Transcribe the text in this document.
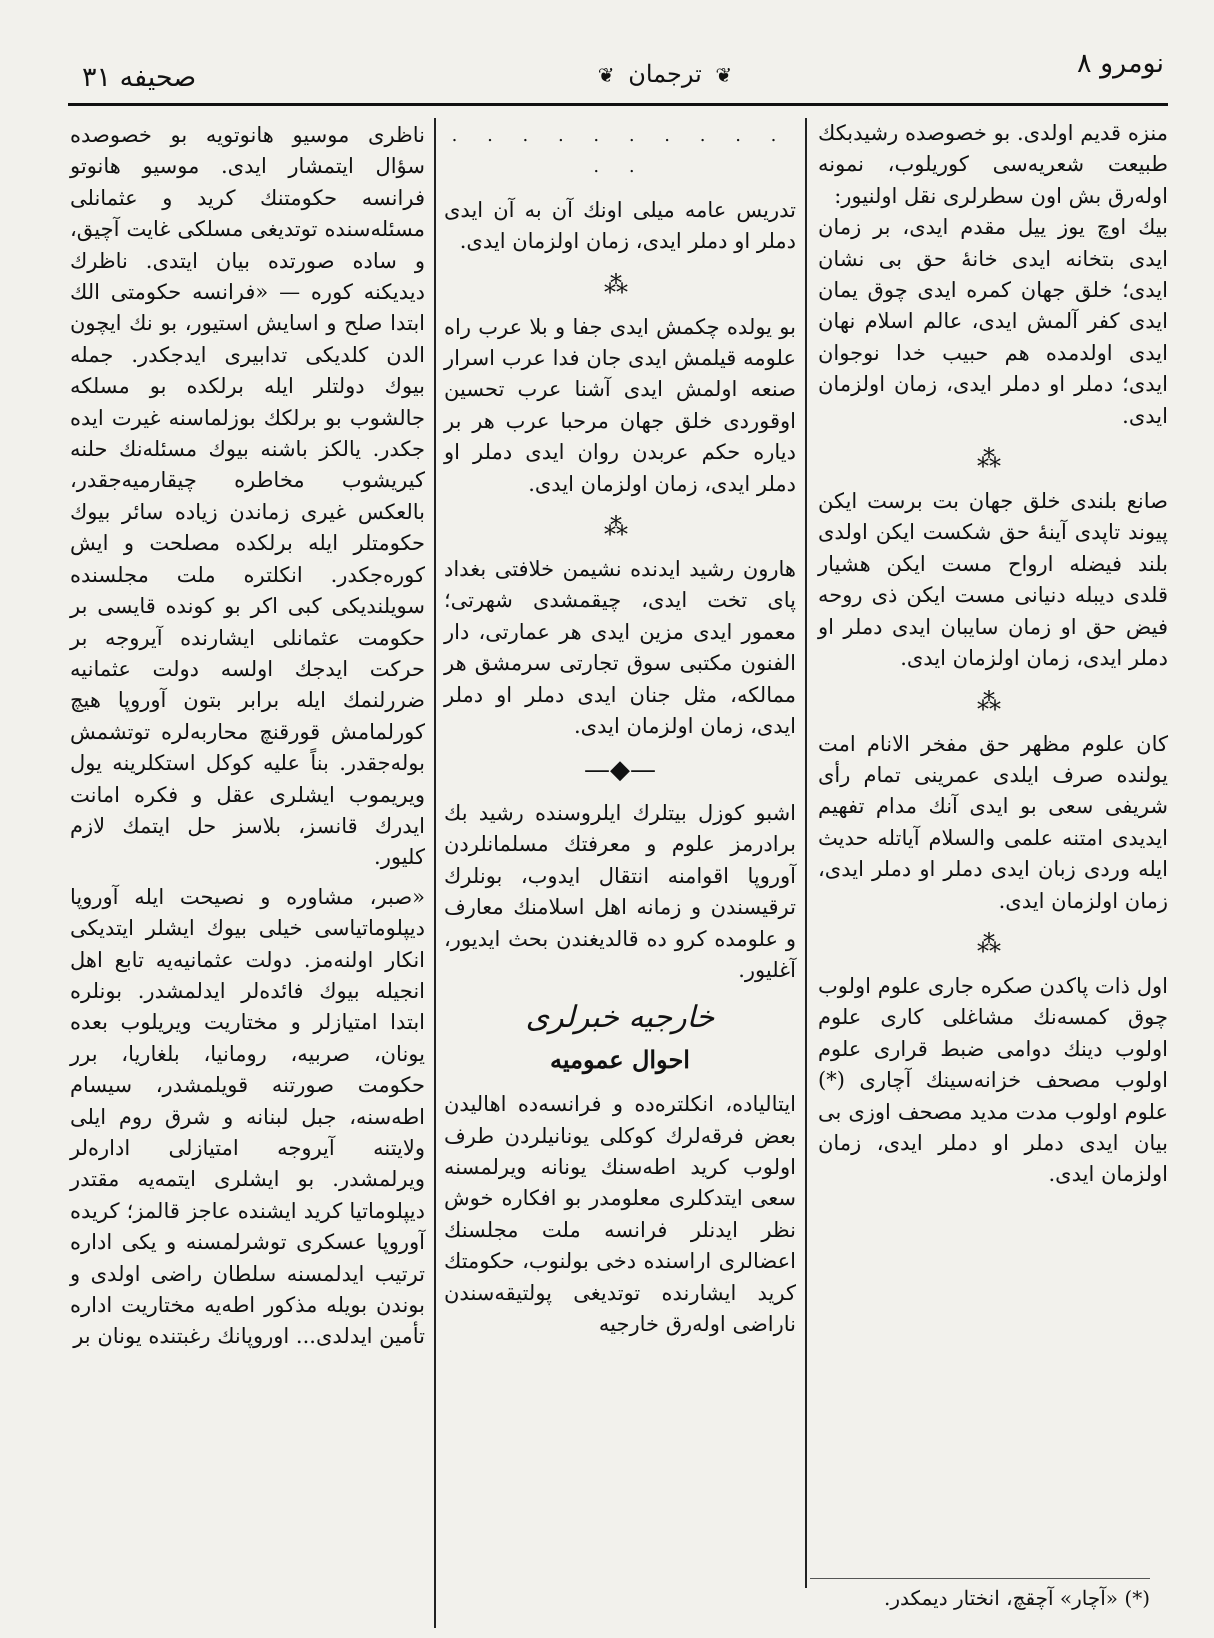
صحیفه ۳۱	❦ ترجمان ❦	نومرو ۸

منزه قدیم اولدی. بو خصوصده رشیدبکك طبیعت شعریه‌سی کوریلوب، نمونه اوله‌رق بش اون سطرلری نقل اولنیور:

بیك اوچ یوز ییل مقدم ایدی، بر زمان ایدی بتخانه ایدی خانهٔ حق بی نشان ایدی؛ خلق جهان کمره ایدی چوق یمان ایدی کفر آلمش ایدی، عالم اسلام نهان ایدی اولدمده هم حبیب خدا نوجوان ایدی؛ دملر او دملر ایدی، زمان اولزمان ایدی.

⁂

صانع بلندی خلق جهان بت برست ایکن پیوند تاپدی آینهٔ حق شکست ایکن اولدی بلند فیضله ارواح مست ایکن هشیار قلدی دیبله دنیانی مست ایکن ذی روحه فیض حق او زمان سایبان ایدی دملر او دملر ایدی، زمان اولزمان ایدی.

⁂

کان علوم مظهر حق مفخر الانام امت یولنده صرف ایلدی عمرینی تمام رأی شریفی سعی بو ایدی آنك مدام تفهیم ایدیدی امتنه علمی والسلام آیاتله حدیث ایله وردی زبان ایدی دملر او دملر ایدی، زمان اولزمان ایدی.

⁂

اول ذات پاکدن صکره جاری علوم اولوب چوق کمسه‌نك مشاغلی کاری علوم اولوب دینك دوامی ضبط قراری علوم اولوب مصحف خزانه‌سینك آچاری (*) علوم اولوب مدت مدید مصحف اوزی بی بیان ایدی دملر او دملر ایدی، زمان اولزمان ایدی.

. . . . . . . . . . . .

تدریس عامه میلی اونك آن به آن ایدی دملر او دملر ایدی، زمان اولزمان ایدی.

⁂

بو یولده چکمش ایدی جفا و بلا عرب راه علومه قیلمش ایدی جان فدا عرب اسرار صنعه اولمش ایدی آشنا عرب تحسین اوقوردی خلق جهان مرحبا عرب هر بر دیاره حکم عربدن روان ایدی دملر او دملر ایدی، زمان اولزمان ایدی.

⁂

هارون رشید ایدنده نشیمن خلافتی بغداد پای تخت ایدی، چیقمشدی شهرتی؛ معمور ایدی مزین ایدی هر عمارتی، دار الفنون مکتبی سوق تجارتی سرمشق هر ممالکه، مثل جنان ایدی دملر او دملر ایدی، زمان اولزمان ایدی.

—◆—

اشبو کوزل بیتلرك ایلروسنده رشید بك برادرمز علوم و معرفتك مسلمانلردن آوروپا اقوامنه انتقال ایدوب، بونلرك ترقیسندن و زمانه اهل اسلامنك معارف و علومده کرو ده قالدیغندن بحث ایدیور، آغلیور.

خارجیه خبرلری
احوال عمومیه

ایتالیاده، انکلتره‌ده و فرانسه‌ده اهالیدن بعض فرقه‌لرك کوکلی یونانیلردن طرف اولوب کرید اطه‌سنك یونانه ویرلمسنه سعی ایتدکلری معلومدر بو افکاره خوش نظر ایدنلر فرانسه ملت مجلسنك اعضالری اراسنده دخی بولنوب، حکومتك کرید ایشارنده توتدیغی پولتیقه‌سندن ناراضی اوله‌رق خارجیه

ناظری موسیو هانوتویه بو خصوصده سؤال ایتمشار ایدی. موسیو هانوتو فرانسه حکومتنك کرید و عثمانلی مسئله‌سنده توتدیغی مسلکی غایت آچیق، و ساده صورتده بیان ایتدی. ناظرك دیدیکنه کوره — «فرانسه حکومتی الك ابتدا صلح و اسایش استیور، بو نك ایچون الدن کلدیکی تدابیری ایدجکدر. جمله بیوك دولتلر ایله برلکده بو مسلکه جالشوب بو برلکك بوزلماسنه غیرت ایده جکدر. یالکز باشنه بیوك مسئله‌نك حلنه کیریشوب مخاطره چیقارمیه‌جقدر، بالعکس غیری زماندن زیاده سائر بیوك حکومتلر ایله برلکده مصلحت و ایش کوره‌جکدر. انکلتره ملت مجلسنده سویلندیکی کبی اکر بو کونده قایسی بر حکومت عثمانلی ایشارنده آیروجه بر حرکت ایدجك اولسه دولت عثمانیه ضررلنمك ایله برابر بتون آوروپا هیچ کورلمامش قورقنچ محاربه‌لره توتشمش بوله‌جقدر. بناً علیه کوکل استکلرینه یول ویریموب ایشلری عقل و فکره امانت ایدرك قانسز، بلاسز حل ایتمك لازم کلیور.

«صبر، مشاوره و نصیحت ایله آوروپا دیپلوماتیاسی خیلی بیوك ایشلر ایتدیکی انکار اولنه‌مز. دولت عثمانیه‌یه تابع اهل انجیله بیوك فائده‌لر ایدلمشدر. بونلره ابتدا امتیازلر و مختاریت ویریلوب بعده یونان، صربیه، رومانیا، بلغاریا، برر حکومت صورتنه قویلمشدر، سیسام اطه‌سنه، جبل لبنانه و شرق روم ایلی ولایتنه آیروجه امتیازلی ادارەلر ویرلمشدر. بو ایشلری ایتمه‌یه مقتدر دیپلوماتیا کرید ایشنده عاجز قالمز؛ کریده آوروپا عسکری توشرلمسنه و یکی اداره ترتیب ایدلمسنه سلطان راضی اولدی و بوندن بویله مذکور اطه‌یه مختاریت اداره تأمین ایدلدی... اوروپانك رغبتنده یونان بر

(*) «آچار» آچقچ، انختار دیمکدر.
